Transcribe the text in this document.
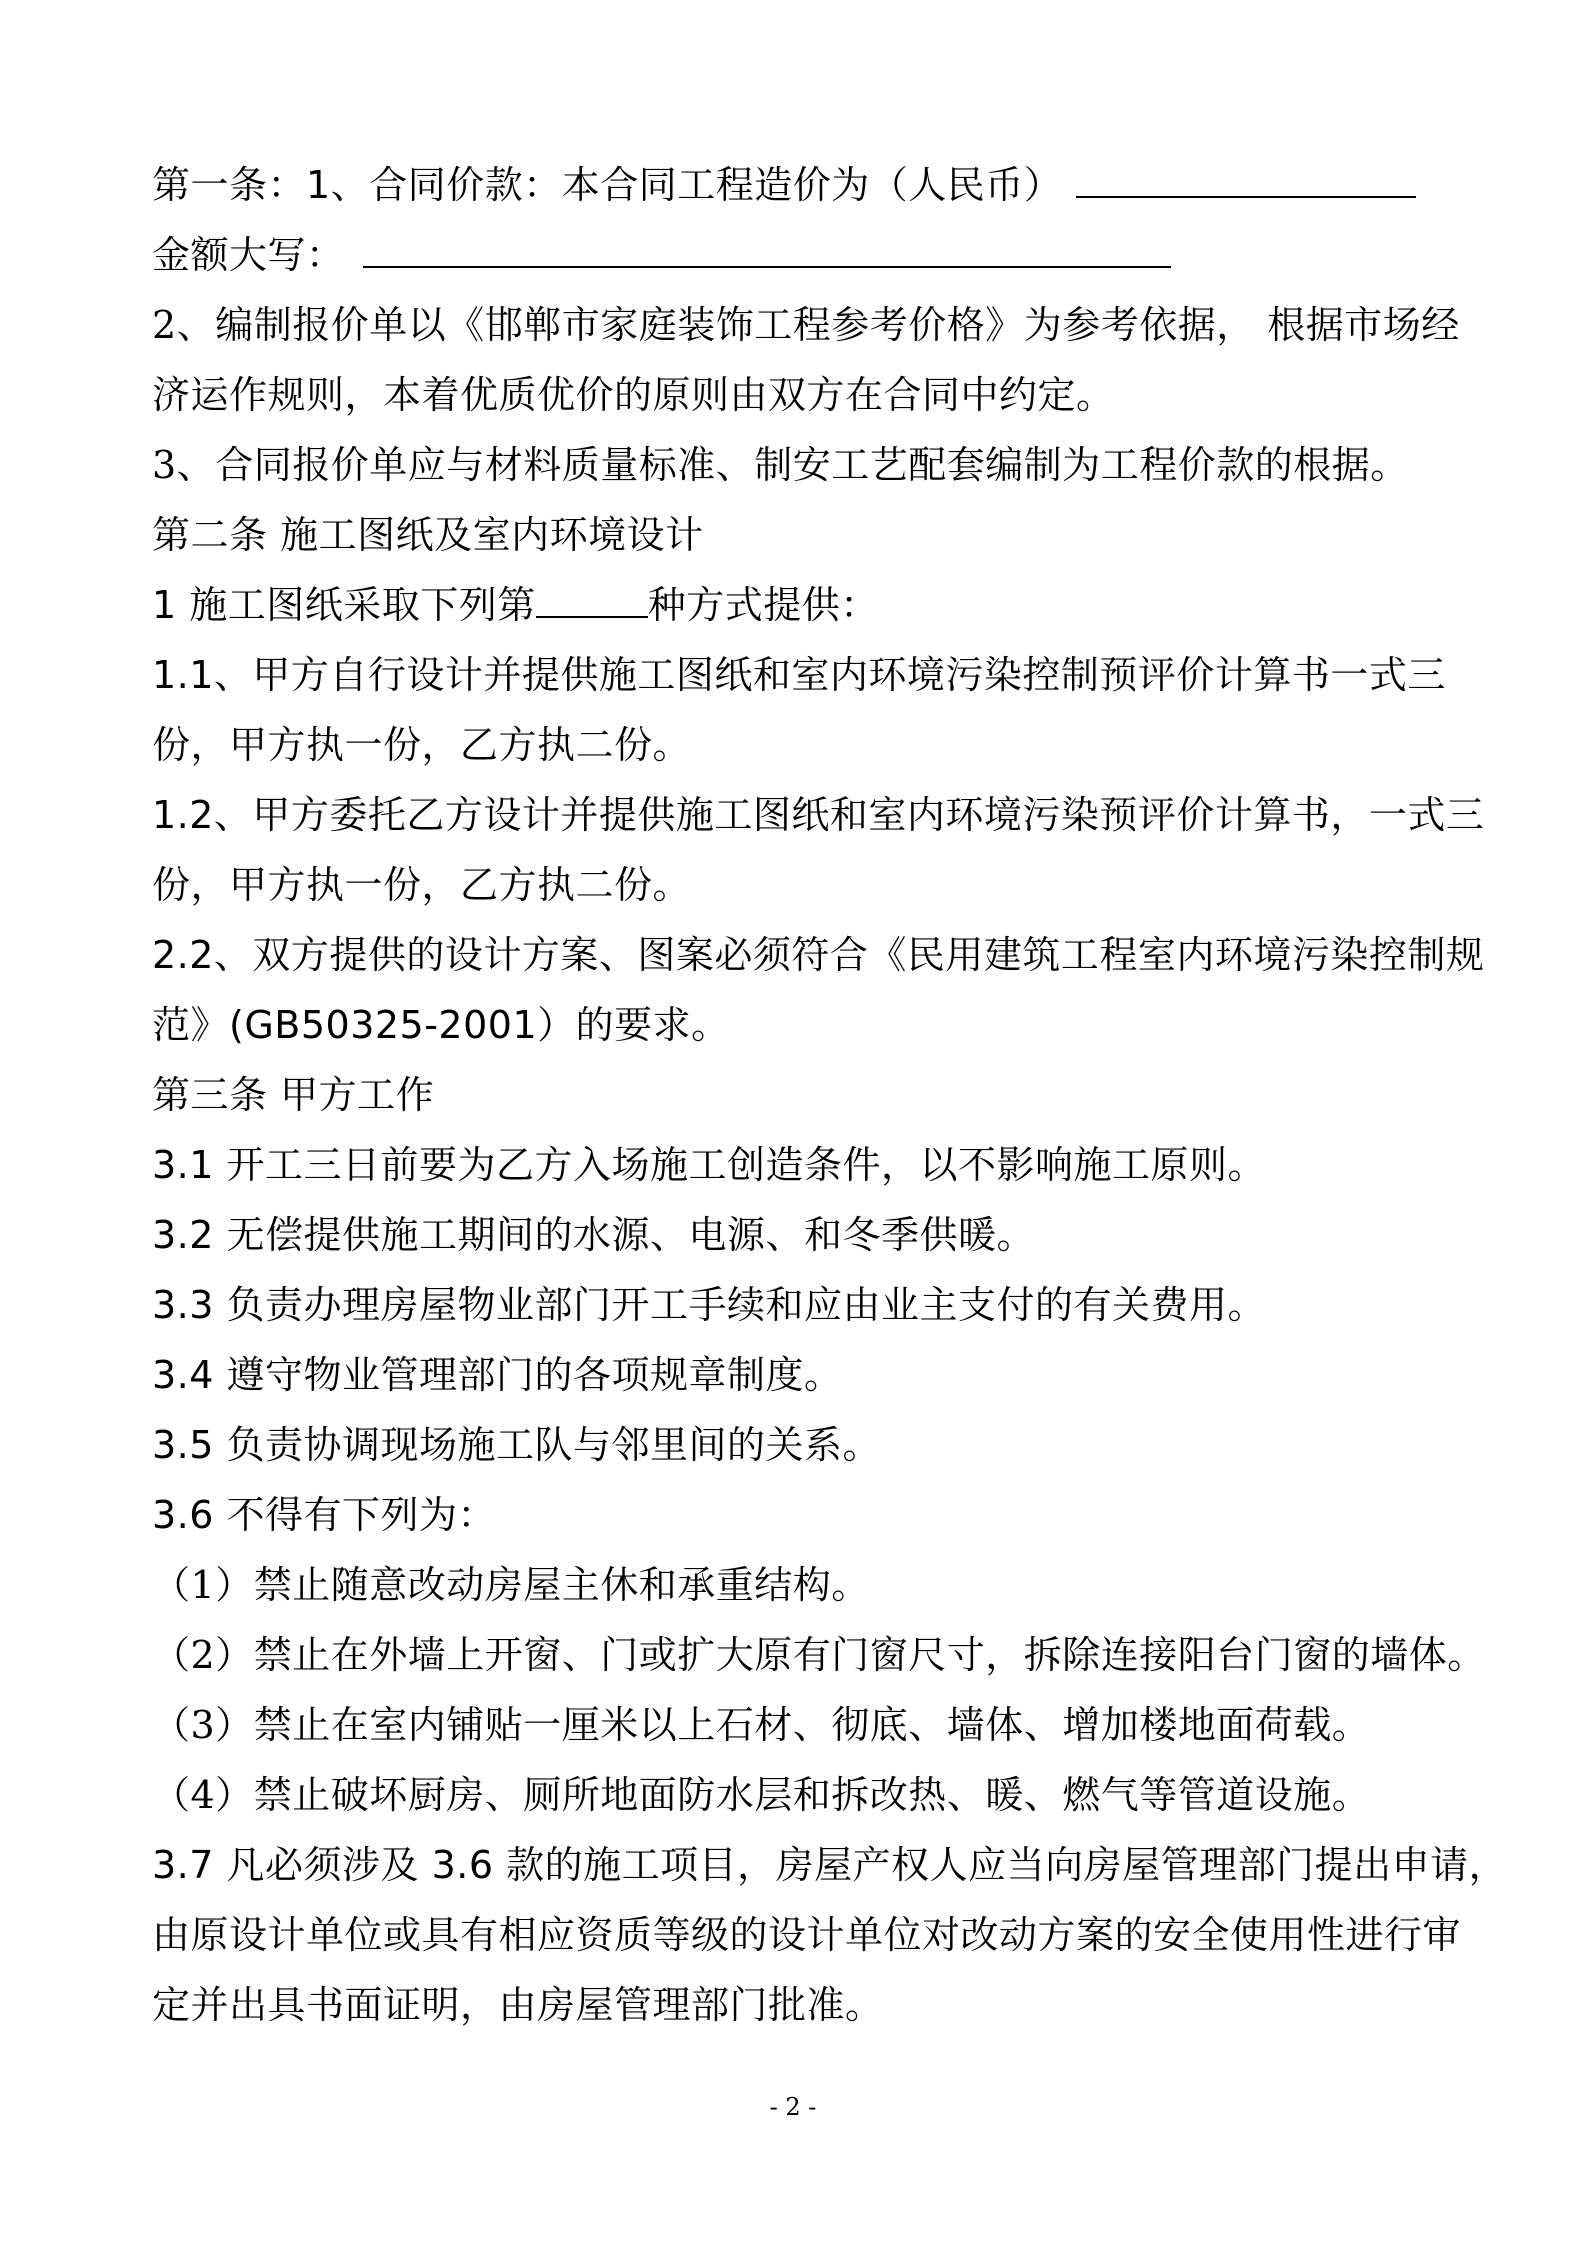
第一条：1、合同价款：本合同工程造价为（人民币）
金额大写：
2、编制报价单以《邯郸市家庭装饰工程参考价格》为参考依据， 根据市场经
济运作规则，本着优质优价的原则由双方在合同中约定。
3、合同报价单应与材料质量标准、制安工艺配套编制为工程价款的根据。
第二条 施工图纸及室内环境设计
1 施工图纸采取下列第	种方式提供：
1.1、甲方自行设计并提供施工图纸和室内环境污染控制预评价计算书一式三
份，甲方执一份，乙方执二份。
1.2、甲方委托乙方设计并提供施工图纸和室内环境污染预评价计算书，一式三
份，甲方执一份，乙方执二份。
2.2、双方提供的设计方案、图案必须符合《民用建筑工程室内环境污染控制规
范》(GB50325-2001）的要求。
第三条 甲方工作
3.1 开工三日前要为乙方入场施工创造条件，以不影响施工原则。
3.2 无偿提供施工期间的水源、电源、和冬季供暖。
3.3 负责办理房屋物业部门开工手续和应由业主支付的有关费用。
3.4 遵守物业管理部门的各项规章制度。
3.5 负责协调现场施工队与邻里间的关系。
3.6 不得有下列为：
（1）禁止随意改动房屋主休和承重结构。
（2）禁止在外墙上开窗、门或扩大原有门窗尺寸，拆除连接阳台门窗的墙体。
（3）禁止在室内铺贴一厘米以上石材、彻底、墙体、增加楼地面荷载。
（4）禁止破坏厨房、厕所地面防水层和拆改热、暖、燃气等管道设施。
3.7 凡必须涉及 3.6 款的施工项目，房屋产权人应当向房屋管理部门提出申请，
由原设计单位或具有相应资质等级的设计单位对改动方案的安全使用性进行审
定并出具书面证明，由房屋管理部门批准。
- 2 -
